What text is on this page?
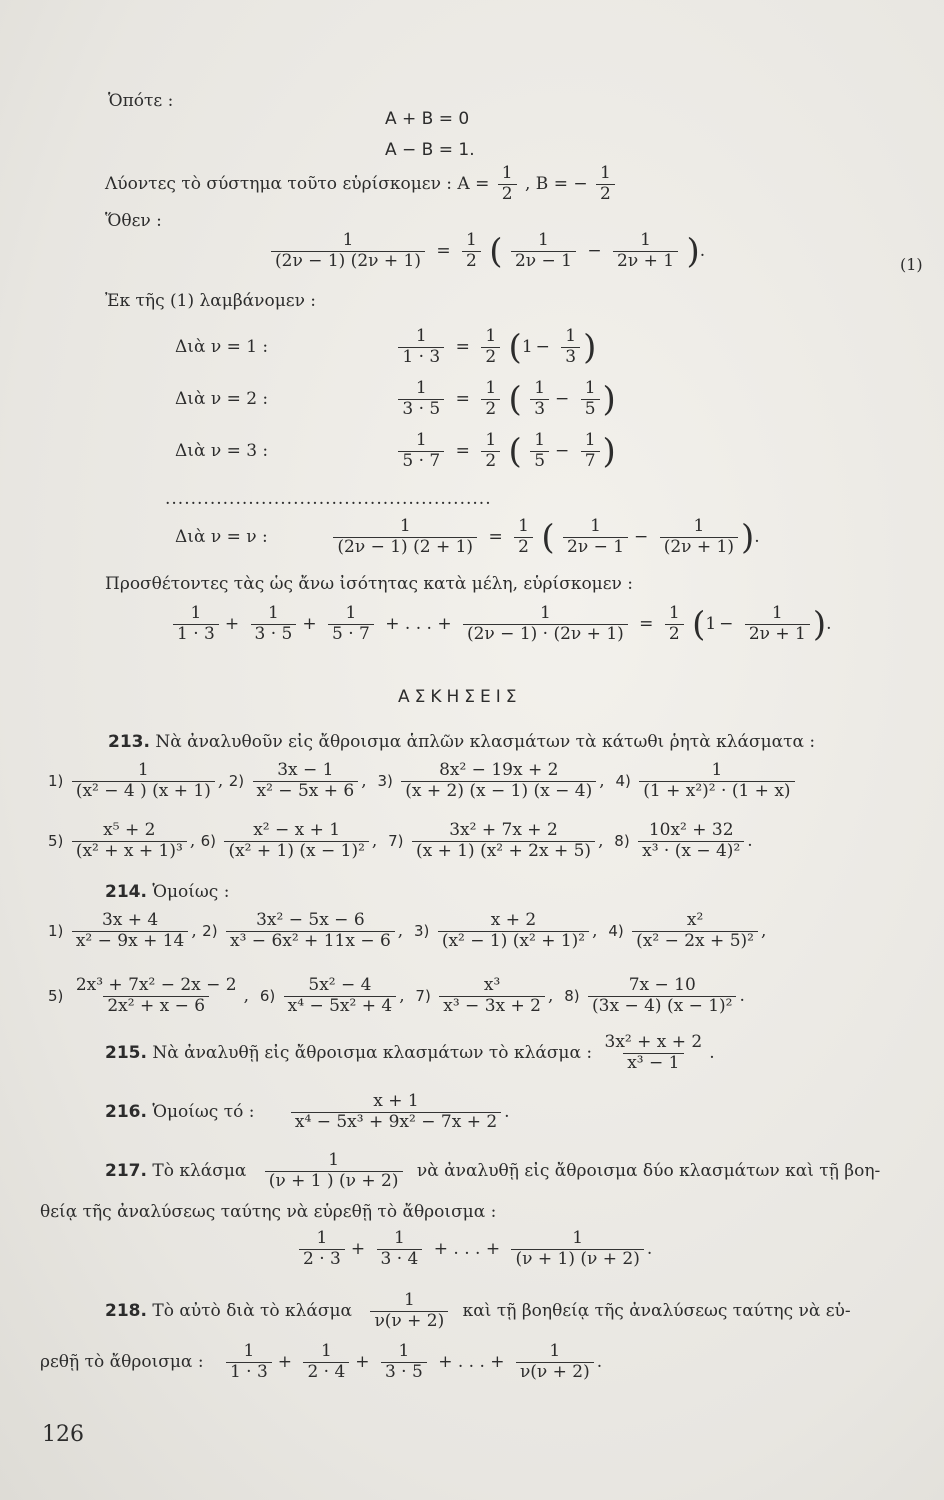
Ὁπότε :
A + B = 0
A − B = 1.
Λύοντες τὸ σύστημα τοῦτο εὑρίσκομεν : $A = \frac{1}{2}$ , B = − $\frac{1}{2}$
Ὅθεν :
$\frac{1}{(2\nu - 1) (2\nu + 1)} = \frac{1}{2}$ ( $\frac{1}{2\nu - 1} - \frac{1}{2\nu + 1}$ ).
(1)
Ἐκ τῆς (1) λαμβάνομεν :
Διὰ ν = 1 :	$\frac{1}{1 \cdot 3} = \frac{1}{2} (1 - \frac{1}{3}$ )
Διὰ ν = 2 :	$\frac{1}{3 \cdot 5} = \frac{1}{2}$ ( $\frac{1}{3} - \frac{1}{5}$ )
Διὰ ν = 3 :	$\frac{1}{5 \cdot 7} = \frac{1}{2}$ ( $\frac{1}{5} - \frac{1}{7}$ )
...................................................
Διὰ ν = ν :	$\frac{1}{(2\nu - 1) (2 + 1)} = \frac{1}{2}$ ( $\frac{1}{2\nu - 1} - \frac{1}{(2\nu + 1)}$ ).
Προσθέτοντες τὰς ὡς ἄνω ἰσότητας κατὰ μέλη, εὑρίσκομεν :
$\frac{1}{1 \cdot 3} + \frac{1}{3 \cdot 5} + \frac{1}{5 \cdot 7}$ + . . . + $\frac{1}{(2\nu - 1) \cdot (2\nu + 1)} = \frac{1}{2} (1 - \frac{1}{2\nu + 1}$ ).
ΑΣΚΗΣΕΙΣ
213. Νὰ ἀναλυθοῦν εἰς ἄθροισμα ἁπλῶν κλασμάτων τὰ κάτωθι ῥητὰ κλάσματα :
$1) \frac{1}{\text{(x² − 4 ) (x + 1)}}$ , $2) \frac{3x - 1}{\text{x² − 5x + 6}}$ ,  $3) \frac{\text{8x² − 19x + 2}}{(x + 2) (x - 1) (x - 4)}$ ,  $4) \frac{1}{\text{(1 + x²)² · (1 + x)}}$
$5) \frac{\text{x⁵ + 2}}{\text{(x² + x + 1)³}}$ , $6) \frac{\text{x² − x + 1}}{\text{(x² + 1) (x − 1)²}}$ ,  $7) \frac{\text{3x² + 7x + 2}}{\text{(x + 1) (x² + 2x + 5)}}$ ,  $8) \frac{\text{10x² + 32}}{\text{x³ · (x − 4)²}}$ .
214. Ὁμοίως :
$1) \frac{3x + 4}{\text{x² − 9x + 14}}$ , $2) \frac{\text{3x² − 5x − 6}}{\text{x³ − 6x² + 11x − 6}}$ ,  $3) \frac{x + 2}{\text{(x² − 1) (x² + 1)²}}$ ,  $4) \frac{\text{x²}}{\text{(x² − 2x + 5)²}}$ ,
$5) \frac{\text{2x³ + 7x² − 2x − 2}}{\text{2x² + x − 6}}$ ,  $6) \frac{\text{5x² − 4}}{\text{x⁴ − 5x² + 4}}$ ,  $7) \frac{\text{x³}}{\text{x³ − 3x + 2}}$ ,  $8) \frac{7x - 10}{\text{(3x − 4) (x − 1)²}}$ .
215. Νὰ ἀναλυθῇ εἰς ἄθροισμα κλασμάτων τὸ κλάσμα : $\frac{\text{3x² + x + 2}}{\text{x³ − 1}}$ .
216. Ὁμοίως τό : $\frac{x + 1}{\text{x⁴ − 5x³ + 9x² − 7x + 2}}$ .
217. Τὸ κλάσμα $\frac{1}{(\nu + 1 ) (\nu + 2)}$ νὰ ἀναλυθῇ εἰς ἄθροισμα δύο κλασμάτων καὶ τῇ βοη-
θείᾳ τῆς ἀναλύσεως ταύτης νὰ εὑρεθῇ τὸ ἄθροισμα :
$\frac{1}{2 \cdot 3} + \frac{1}{3 \cdot 4}$ + . . . + $\frac{1}{(\nu + 1) (\nu + 2)}$ .
218. Τὸ αὐτὸ διὰ τὸ κλάσμα $\frac{1}{\nu(\nu + 2)}$ καὶ τῇ βοηθείᾳ τῆς ἀναλύσεως ταύτης νὰ εὑ-
ρεθῇ τὸ ἄθροισμα : $\frac{1}{1 \cdot 3} + \frac{1}{2 \cdot 4} + \frac{1}{3 \cdot 5}$ + . . . + $\frac{1}{\nu(\nu + 2)}$ .
126
